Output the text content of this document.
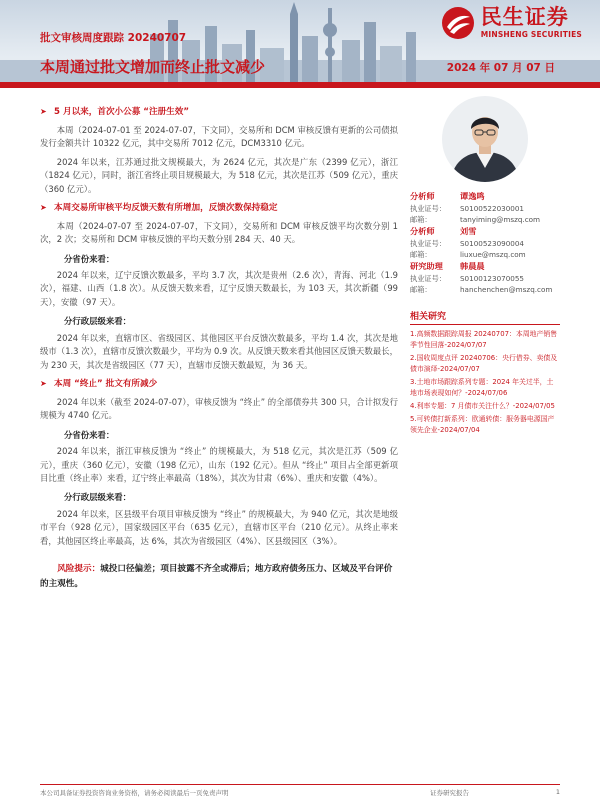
民生证券
MINSHENG SECURITIES
批文审核周度跟踪 20240707
本周通过批文增加而终止批文减少	2024 年 07 月 07 日
➤ 5 月以来，首次小公募 “注册生效”

本周（2024-07-01 至 2024-07-07，下文同），交易所和 DCM 审核反馈有更新的公司债拟发行金额共计 10322 亿元，其中交易所 7012 亿元，DCM3310 亿元。

2024 年以来，江苏通过批文规模最大，为 2624 亿元，其次是广东（2399 亿元），浙江（1824 亿元），同时，浙江省终止项目规模最大，为 518 亿元，其次是江苏（509 亿元），重庆（360 亿元）。

➤ 本周交易所审核平均反馈天数有所增加，反馈次数保持稳定

本周（2024-07-07 至 2024-07-07，下文同），交易所和 DCM 审核反馈平均次数分别 1 次，2 次；交易所和 DCM 审核反馈的平均天数分别 284 天、40 天。

分省份来看：

2024 年以来，辽宁反馈次数最多，平均 3.7 次，其次是贵州（2.6 次），青海、河北（1.9 次），福建、山西（1.8 次）。从反馈天数来看，辽宁反馈天数最长，为 103 天，其次新疆（99 天），安徽（97 天）。

分行政层级来看：

2024 年以来，直辖市区、省级园区、其他园区平台反馈次数最多，平均 1.4 次，其次是地级市（1.3 次），直辖市反馈次数最少，平均为 0.9 次。从反馈天数来看其他园区反馈天数最长，为 230 天，其次是省级园区（77 天），直辖市反馈天数最短，为 36 天。

➤ 本周 “终止” 批文有所减少

2024 年以来（截至 2024-07-07），审核反馈为 “终止” 的全部债券共 300 只，合计拟发行规模为 4740 亿元。

分省份来看：

2024 年以来，浙江审核反馈为 “终止” 的规模最大，为 518 亿元，其次是江苏（509 亿元），重庆（360 亿元），安徽（198 亿元），山东（192 亿元）。但从 “终止” 项目占全部更新项目比重（终止率）来看，辽宁终止率最高（18%），其次为甘肃（6%）、重庆和安徽（4%）。

分行政层级来看：

2024 年以来，区县级平台项目审核反馈为 “终止” 的规模最大，为 940 亿元，其次是地级市平台（928 亿元），国家级园区平台（635 亿元），直辖市区平台（210 亿元）。从终止率来看，其他园区终止率最高，达 6%，其次为省级园区（4%）、区县级园区（3%）。

风险提示：城投口径偏差；项目披露不齐全或滞后；地方政府债务压力、区域及平台评价的主观性。
分析师	谭逸鸣
执业证号：	S0100522030001
邮箱：	tanyiming@mszq.com
分析师	刘雪
执业证号：	S0100523090004
邮箱：	liuxue@mszq.com
研究助理	韩晨晨
执业证号：	S0100123070055
邮箱：	hanchenchen@mszq.com
相关研究
1.高频数据跟踪周报 20240707：本周地产销售季节性回落-2024/07/07
2.国收周度点评 20240706：央行借券、卖债及债市演绎-2024/07/07
3.土地市场跟踪系列专题：2024 年关过半，土地市场表现如何？-2024/07/06
4.利率专题：7 月债市关注什么？-2024/07/05
5.可转债打新系列：欧通转债：服务器电源国产领先企业-2024/07/04
本公司具备证券投资咨询业务资格，请务必阅读最后一页免责声明	证券研究报告	1
